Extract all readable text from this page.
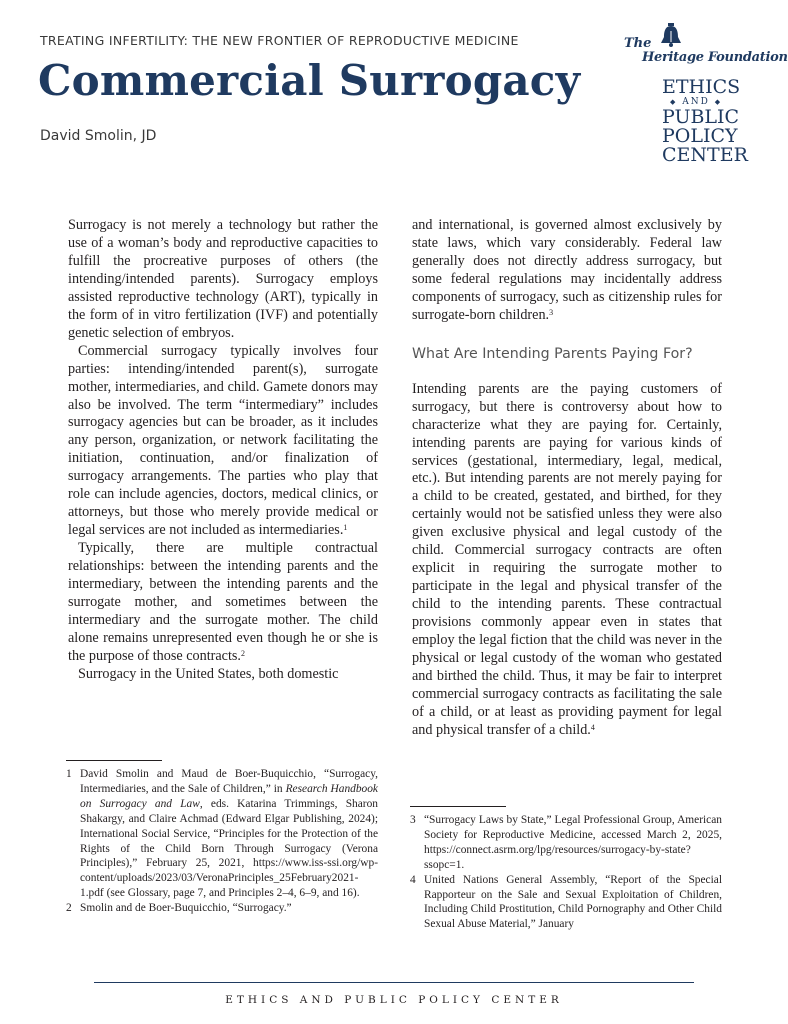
TREATING INFERTILITY: THE NEW FRONTIER OF REPRODUCTIVE MEDICINE
Commercial Surrogacy
David Smolin, JD
The
Heritage Foundation
ETHICS
◆ AND ◆
PUBLIC
POLICY
CENTER

Surrogacy is not merely a technology but rather the use of a woman’s body and reproductive capacities to fulfill the procreative purposes of others (the intending/intended parents). Surrogacy employs assisted reproductive technology (ART), typically in the form of in vitro fertilization (IVF) and potentially genetic selection of embryos.

Commercial surrogacy typically involves four parties: intending/intended parent(s), surrogate mother, intermediaries, and child. Gamete donors may also be involved. The term “intermediary” includes surrogacy agencies but can be broader, as it includes any person, organization, or network facilitating the initiation, continuation, and/or finalization of surrogacy arrangements. The parties who play that role can include agencies, doctors, medical clinics, or attorneys, but those who merely provide medical or legal services are not included as intermediaries.$^1$

Typically, there are multiple contractual relationships: between the intending parents and the intermediary, between the intending parents and the surrogate mother, and sometimes between the intermediary and the surrogate mother. The child alone remains unrepresented even though he or she is the purpose of those contracts.$^2$

Surrogacy in the United States, both domestic

and international, is governed almost exclusively by state laws, which vary considerably. Federal law generally does not directly address surrogacy, but some federal regulations may incidentally address components of surrogacy, such as citizenship rules for surrogate-born children.$^3$

What Are Intending Parents Paying For?

Intending parents are the paying customers of surrogacy, but there is controversy about how to characterize what they are paying for. Certainly, intending parents are paying for various kinds of services (gestational, intermediary, legal, medical, etc.). But intending parents are not merely paying for a child to be created, gestated, and birthed, for they certainly would not be satisfied unless they were also given exclusive physical and legal custody of the child. Commercial surrogacy contracts are often explicit in requiring the surrogate mother to participate in the legal and physical transfer of the child to the intending parents. These contractual provisions commonly appear even in states that employ the legal fiction that the child was never in the physical or legal custody of the woman who gestated and birthed the child. Thus, it may be fair to interpret commercial surrogacy contracts as facilitating the sale of a child, or at least as providing payment for legal and physical transfer of a child.$^4$

1 David Smolin and Maud de Boer-Buquicchio, “Surrogacy, Intermediaries, and the Sale of Children,” in Research Handbook on Surrogacy and Law, eds. Katarina Trimmings, Sharon Shakargy, and Claire Achmad (Edward Elgar Publishing, 2024); International Social Service, “Principles for the Protection of the Rights of the Child Born Through Surrogacy (Verona Principles),” February 25, 2021, https://www.iss-ssi.org/wp-content/uploads/2023/03/VeronaPrinciples_25February2021-1.pdf (see Glossary, page 7, and Principles 2–4, 6–9, and 16).

2 Smolin and de Boer-Buquicchio, “Surrogacy.”

3 “Surrogacy Laws by State,” Legal Professional Group, American Society for Reproductive Medicine, accessed March 2, 2025, https://connect.asrm.org/lpg/resources/surrogacy-by-state?ssopc=1.

4 United Nations General Assembly, “Report of the Special Rapporteur on the Sale and Sexual Exploitation of Children, Including Child Prostitution, Child Pornography and Other Child Sexual Abuse Material,” January

ETHICS AND PUBLIC POLICY CENTER
